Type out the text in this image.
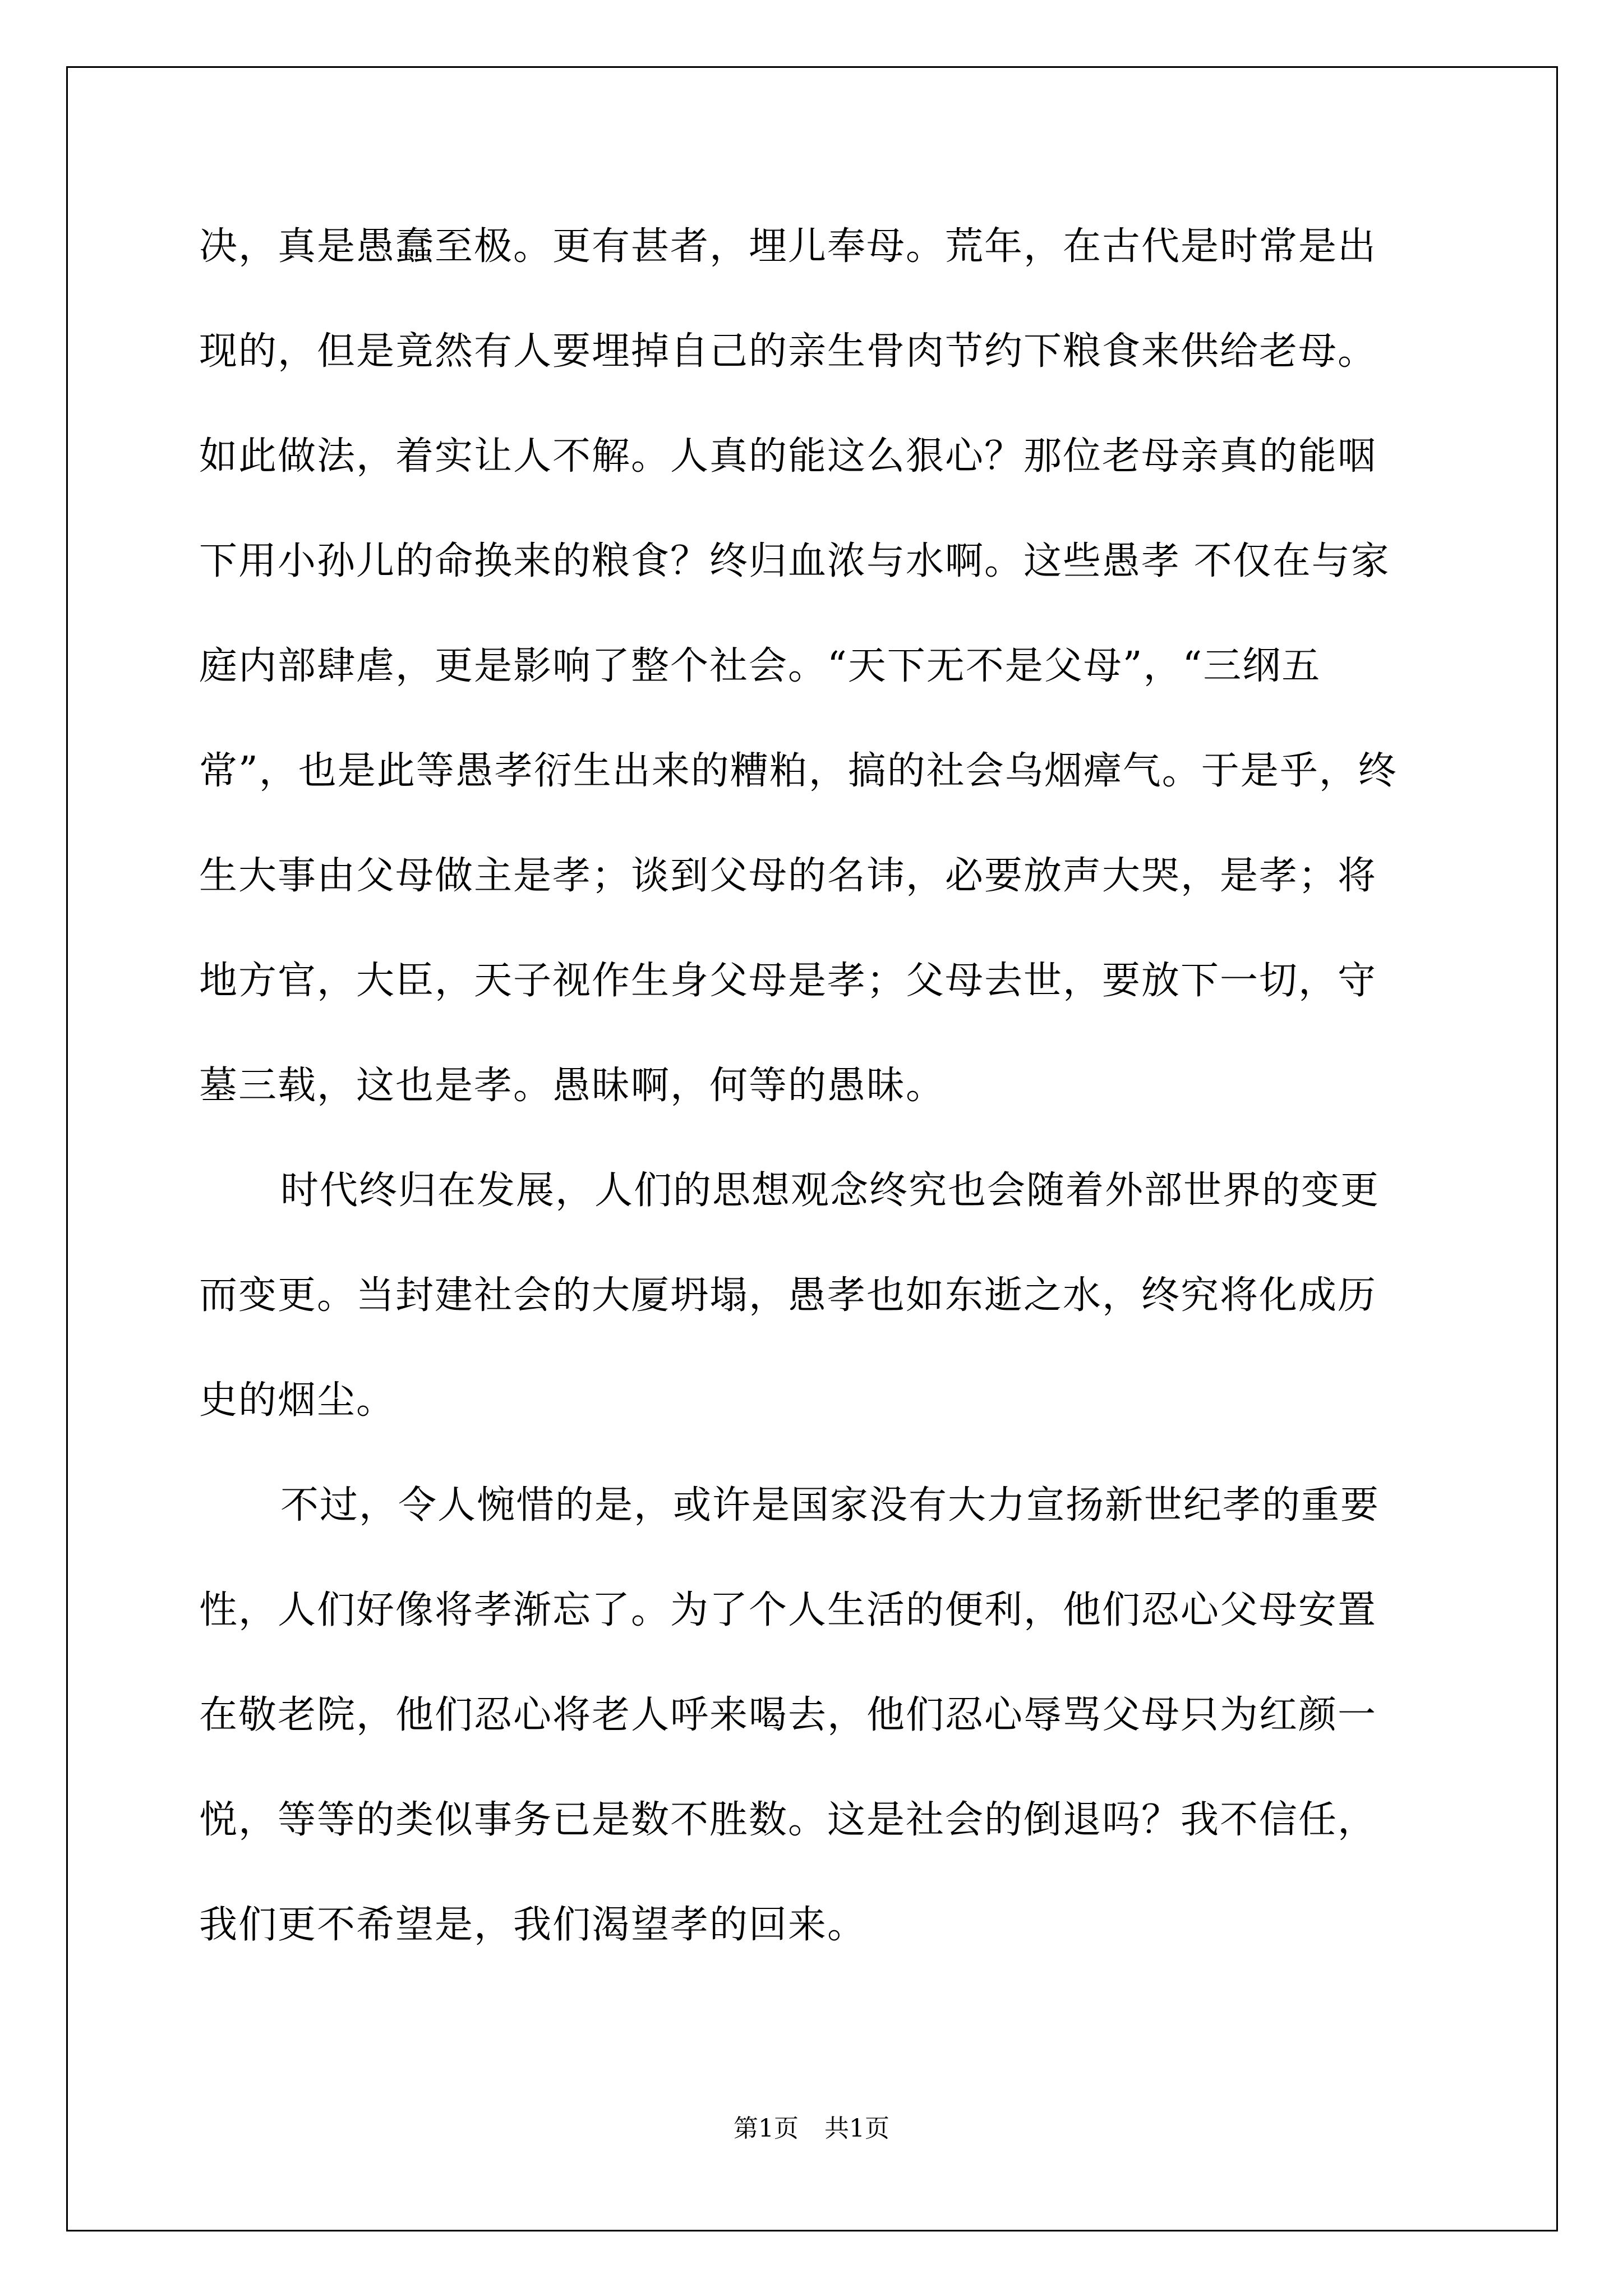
决，真是愚蠢至极。更有甚者，埋儿奉母。荒年，在古代是时常是出
现的，但是竟然有人要埋掉自己的亲生骨肉节约下粮食来供给老母。
如此做法，着实让人不解。人真的能这么狠心？那位老母亲真的能咽
下用小孙儿的命换来的粮食？终归血浓与水啊。这些愚孝 不仅在与家
庭内部肆虐，更是影响了整个社会。“天下无不是父母”，“三纲五
常”，也是此等愚孝衍生出来的糟粕，搞的社会乌烟瘴气。于是乎，终
生大事由父母做主是孝；谈到父母的名讳，必要放声大哭，是孝；将
地方官，大臣，天子视作生身父母是孝；父母去世，要放下一切，守
墓三载，这也是孝。愚昧啊，何等的愚昧。
时代终归在发展，人们的思想观念终究也会随着外部世界的变更
而变更。当封建社会的大厦坍塌，愚孝也如东逝之水，终究将化成历
史的烟尘。
不过，令人惋惜的是，或许是国家没有大力宣扬新世纪孝的重要
性，人们好像将孝渐忘了。为了个人生活的便利，他们忍心父母安置
在敬老院，他们忍心将老人呼来喝去，他们忍心辱骂父母只为红颜一
悦，等等的类似事务已是数不胜数。这是社会的倒退吗？我不信任，
我们更不希望是，我们渴望孝的回来。
第1页 共1页
